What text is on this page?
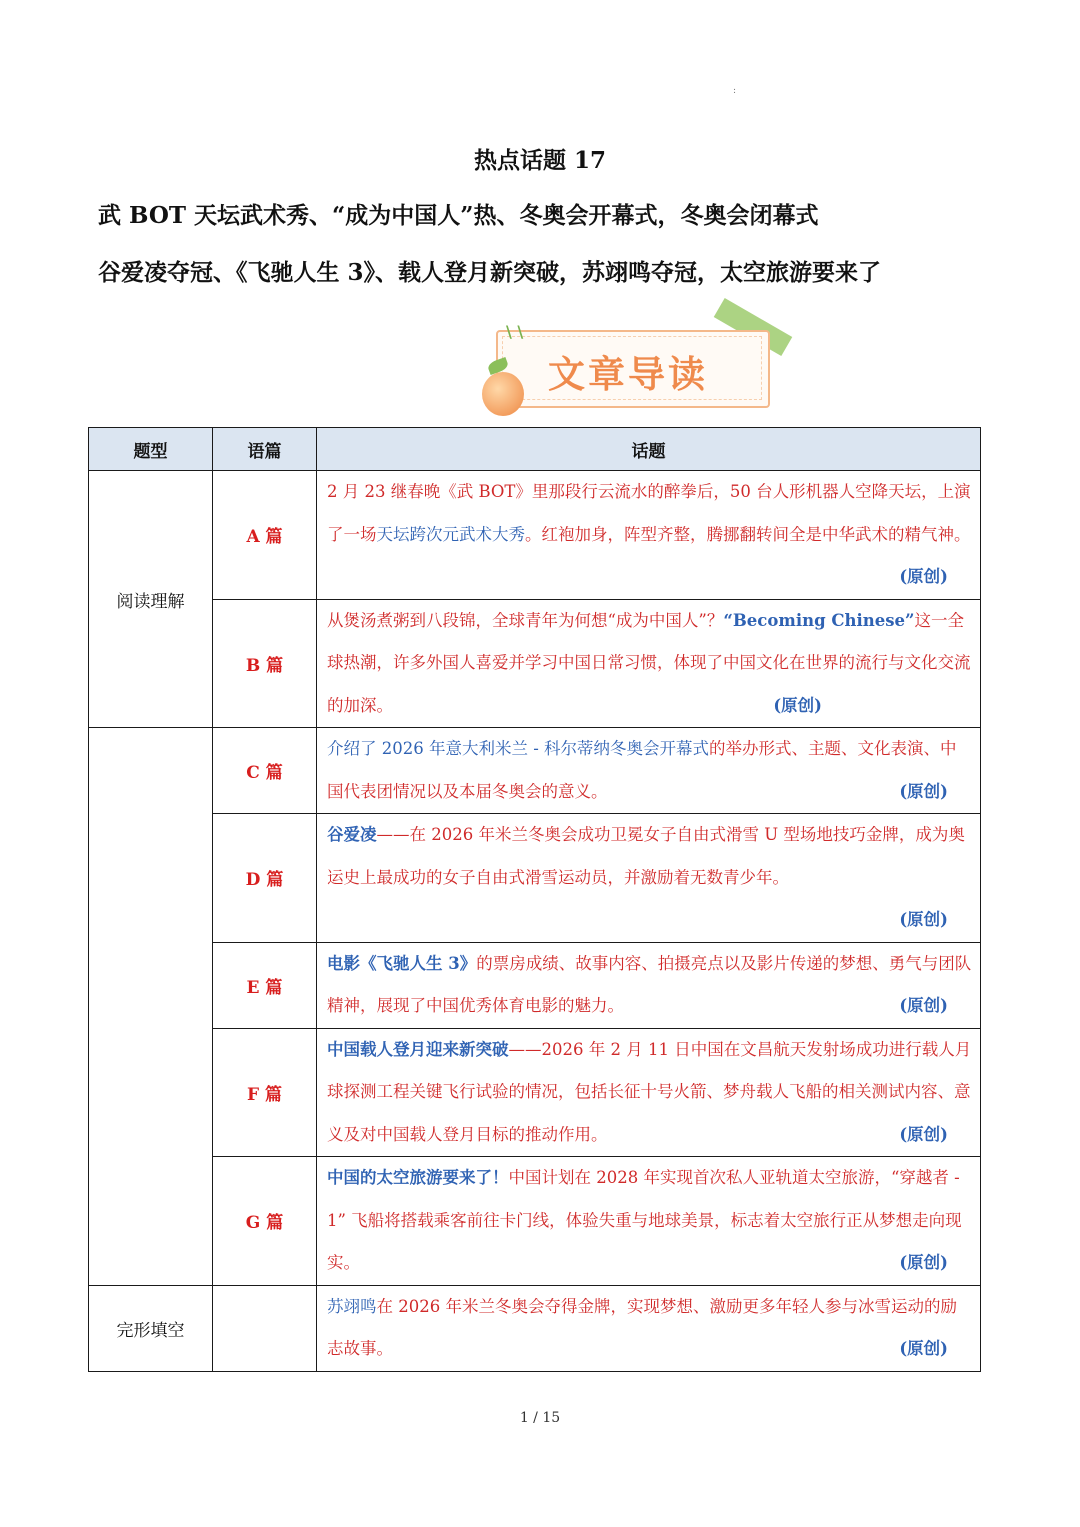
:
热点话题 17
武 BOT 天坛武术秀、“成为中国人”热、冬奥会开幕式，冬奥会闭幕式
谷爱凌夺冠、《飞驰人生 3》、载人登月新突破，苏翊鸣夺冠，太空旅游要来了
\ \
文章导读
题型	语篇	话题
阅读理解	A 篇	2 月 23 继春晚《武 BOT》里那段行云流水的醉拳后，50 台人形机器人空降天坛，上演了一场天坛跨次元武术大秀。红袍加身，阵型齐整，腾挪翻转间全是中华武术的精气神。
(原创)

	B 篇	从煲汤煮粥到八段锦，全球青年为何想“成为中国人”？“Becoming Chinese”这一全球热潮，许多外国人喜爱并学习中国日常习惯，体现了中国文化在世界的流行与文化交流的加深。 (原创)

	C 篇	介绍了 2026 年意大利米兰 - 科尔蒂纳冬奥会开幕式的举办形式、主题、文化表演、中国代表团情况以及本届冬奥会的意义。 (原创)

	D 篇	谷爱凌——在 2026 年米兰冬奥会成功卫冕女子自由式滑雪 U 型场地技巧金牌，成为奥运史上最成功的女子自由式滑雪运动员，并激励着无数青少年。

(原创)

	E 篇	电影《飞驰人生 3》的票房成绩、故事内容、拍摄亮点以及影片传递的梦想、勇气与团队精神，展现了中国优秀体育电影的魅力。 (原创)

	F 篇	中国载人登月迎来新突破——2026 年 2 月 11 日中国在文昌航天发射场成功进行载人月球探测工程关键飞行试验的情况，包括长征十号火箭、梦舟载人飞船的相关测试内容、意义及对中国载人登月目标的推动作用。 (原创)

	G 篇	中国的太空旅游要来了！中国计划在 2028 年实现首次私人亚轨道太空旅游，“穿越者 - 1” 飞船将搭载乘客前往卡门线，体验失重与地球美景，标志着太空旅行正从梦想走向现实。 (原创)

完形填空		苏翊鸣在 2026 年米兰冬奥会夺得金牌，实现梦想、激励更多年轻人参与冰雪运动的励志故事。 (原创)
1 / 15
